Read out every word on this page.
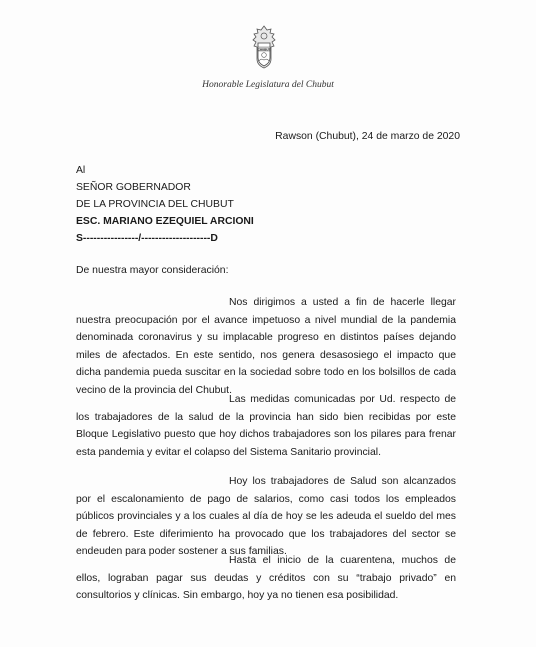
CHUBUT
Honorable Legislatura del Chubut
Rawson (Chubut), 24 de marzo de 2020
Al
SEÑOR GOBERNADOR
DE LA PROVINCIA DEL CHUBUT
ESC. MARIANO EZEQUIEL ARCIONI
S----------------/--------------------D
De nuestra mayor consideración:

Nos dirigimos a usted a fin de hacerle llegar nuestra preocupación por el avance impetuoso a nivel mundial de la pandemia denominada coronavirus y su implacable progreso en distintos países dejando miles de afectados. En este sentido, nos genera desasosiego el impacto que dicha pandemia pueda suscitar en la sociedad sobre todo en los bolsillos de cada vecino de la provincia del Chubut.

Las medidas comunicadas por Ud. respecto de los trabajadores de la salud de la provincia han sido bien recibidas por este Bloque Legislativo puesto que hoy dichos trabajadores son los pilares para frenar esta pandemia y evitar el colapso del Sistema Sanitario provincial.

Hoy los trabajadores de Salud son alcanzados por el escalonamiento de pago de salarios, como casi todos los empleados públicos provinciales y a los cuales al día de hoy se les adeuda el sueldo del mes de febrero. Este diferimiento ha provocado que los trabajadores del sector se endeuden para poder sostener a sus familias.

Hasta el inicio de la cuarentena, muchos de ellos, lograban pagar sus deudas y créditos con su “trabajo privado” en consultorios y clínicas. Sin embargo, hoy ya no tienen esa posibilidad.
